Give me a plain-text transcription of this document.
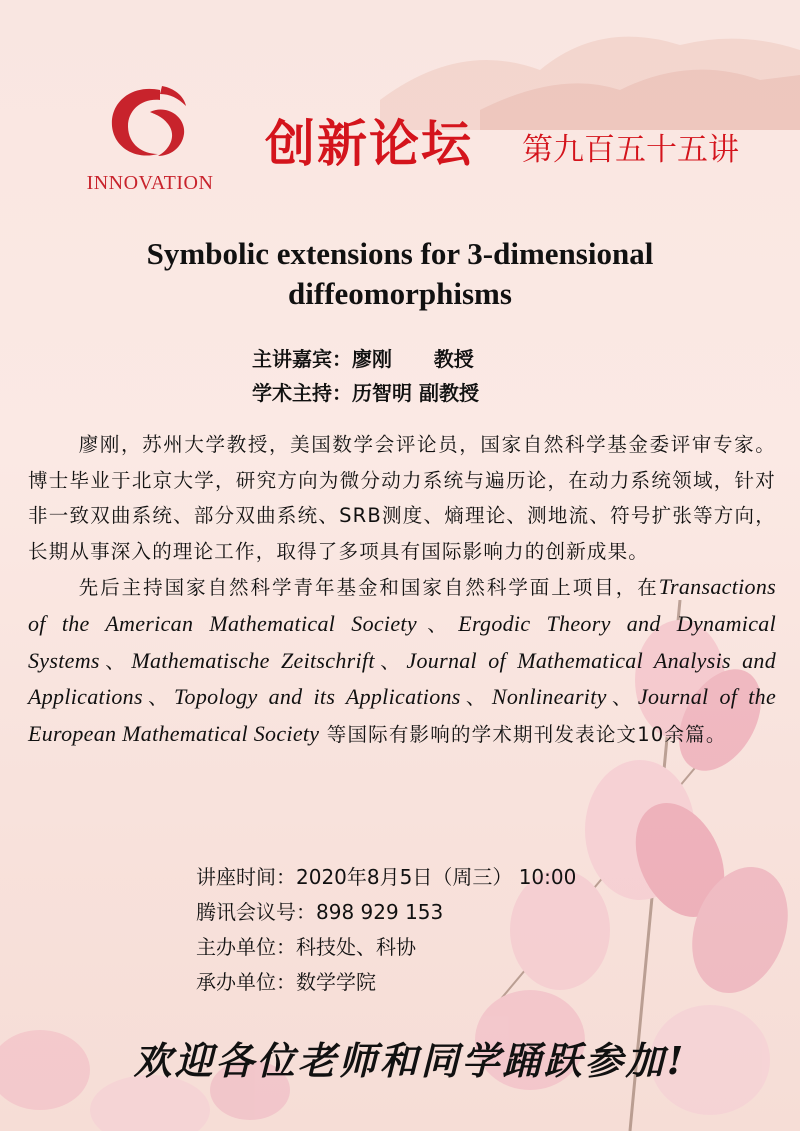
INNOVATION
创新论坛 第九百五十五讲
Symbolic extensions for 3-dimensional diffeomorphisms
主讲嘉宾：廖刚      教授
学术主持：历智明 副教授

廖刚，苏州大学教授，美国数学会评论员，国家自然科学基金委评审专家。博士毕业于北京大学，研究方向为微分动力系统与遍历论，在动力系统领域，针对非一致双曲系统、部分双曲系统、SRB测度、熵理论、测地流、符号扩张等方向，长期从事深入的理论工作，取得了多项具有国际影响力的创新成果。

先后主持国家自然科学青年基金和国家自然科学面上项目，在Transactions of the American Mathematical Society、Ergodic Theory and Dynamical Systems、Mathematische Zeitschrift、Journal of Mathematical Analysis and Applications、Topology and its Applications、Nonlinearity、Journal of the European Mathematical Society 等国际有影响的学术期刊发表论文10余篇。

讲座时间：2020年8月5日（周三） 10:00
腾讯会议号：898 929 153
主办单位：科技处、科协
承办单位：数学学院
欢迎各位老师和同学踊跃参加!
